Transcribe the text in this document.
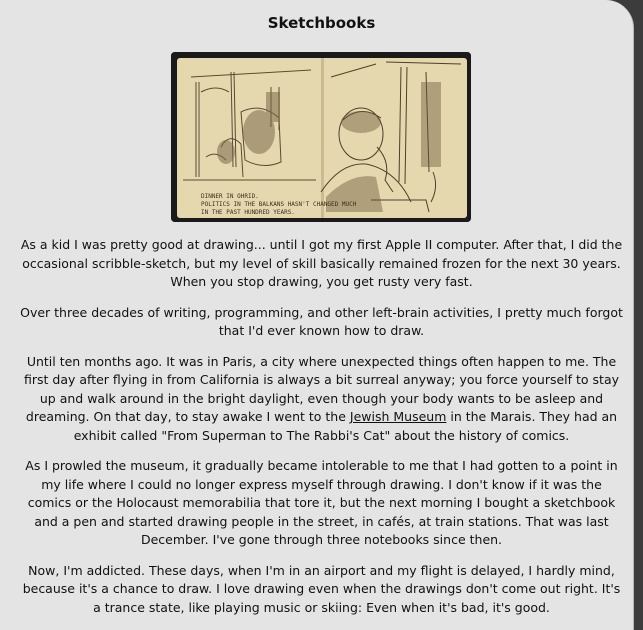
Sketchbooks
DINNER IN OHRID.
POLITICS IN THE BALKANS HASN'T CHANGED MUCH
IN THE PAST HUNDRED YEARS.

As a kid I was pretty good at drawing... until I got my first Apple II computer. After that, I did the occasional scribble-sketch, but my level of skill basically remained frozen for the next 30 years. When you stop drawing, you get rusty very fast.

Over three decades of writing, programming, and other left-brain activities, I pretty much forgot that I'd ever known how to draw.

Until ten months ago. It was in Paris, a city where unexpected things often happen to me. The first day after flying in from California is always a bit surreal anyway; you force yourself to stay up and walk around in the bright daylight, even though your body wants to be asleep and dreaming. On that day, to stay awake I went to the Jewish Museum in the Marais. They had an exhibit called "From Superman to The Rabbi's Cat" about the history of comics.

As I prowled the museum, it gradually became intolerable to me that I had gotten to a point in my life where I could no longer express myself through drawing. I don't know if it was the comics or the Holocaust memorabilia that tore it, but the next morning I bought a sketchbook and a pen and started drawing people in the street, in cafés, at train stations. That was last December. I've gone through three notebooks since then.

Now, I'm addicted. These days, when I'm in an airport and my flight is delayed, I hardly mind, because it's a chance to draw. I love drawing even when the drawings don't come out right. It's a trance state, like playing music or skiing: Even when it's bad, it's good.
